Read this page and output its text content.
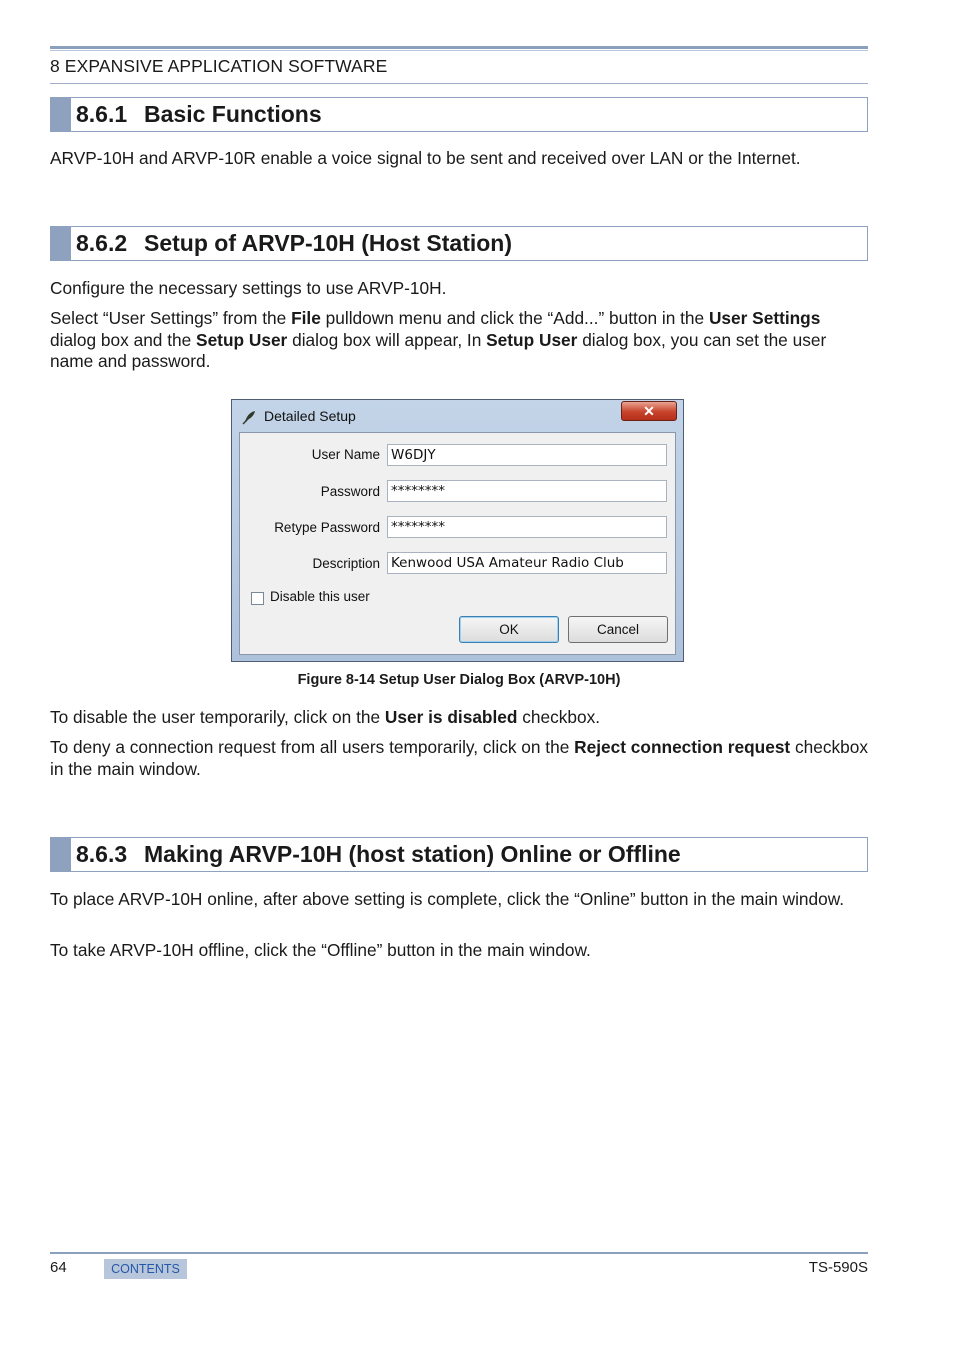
8 EXPANSIVE APPLICATION SOFTWARE
8.6.1 Basic Functions
ARVP-10H and ARVP-10R enable a voice signal to be sent and received over LAN or the Internet.
8.6.2 Setup of ARVP-10H (Host Station)
Configure the necessary settings to use ARVP-10H.
Select “User Settings” from the File pulldown menu and click the “Add...” button in the User Settings dialog box and the Setup User dialog box will appear, In Setup User dialog box, you can set the user name and password.
Detailed Setup	✕
User Name W6DJY
Password ********
Retype Password ********
Description Kenwood USA Amateur Radio Club
Disable this user
OK	Cancel
Figure 8-14 Setup User Dialog Box (ARVP-10H)
To disable the user temporarily, click on the User is disabled checkbox.
To deny a connection request from all users temporarily, click on the Reject connection request checkbox in the main window.
8.6.3 Making ARVP-10H (host station) Online or Offline
To place ARVP-10H online, after above setting is complete, click the “Online” button in the main window.
To take ARVP-10H offline, click the “Offline” button in the main window.
64	CONTENTS	TS-590S
